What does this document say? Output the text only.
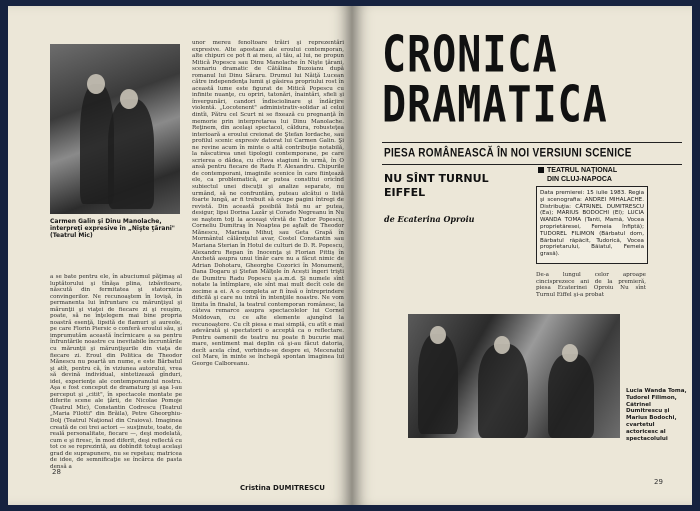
Carmen Galin şi Dinu Manolache, interpreţi expresive în „Nişte ţărani" (Teatrul Mic)
unor mereu fenoltoare trăiri şi reprezentări expresive. Alte apostaze ale eroului contemporan, alte chipuri ce pot fi ai meu, al tău, al lui, ne propun Mitică Popescu sau Dinu Manolache în Nişte ţărani, scenariu dramatic de Cătălina Buzoianu după romanul lui Dinu Săraru. Drumul lui Năiţă Lucean către independenţa lumii şi găsirea propriului rost în această lume este figurat de Mitică Popescu cu infinite nuanţe, cu opriri, tatonări, înaintări, sfieli şi învergunări, candori îndisciolinare şi îndârjire violentă. „Locotenent" administrativ-solidar al celui dintîi, Pătru cel Scurt ni se fixează cu pregnanţă în memorie prin interpretarea lui Dinu Manolache. Reţinem, din acelaşi spectacol, căldura, robusteţea interioară a eroului creionat de Ştefan Iordache, sau profilul scenic expresiv datorat lui Carmen Galin. Şi ne revine acum în minte o altă contribuţie notabilă, la născutirea unei tipologii contemporane, pe care scrierea o dădea, cu cîteva stagiuni în urmă, în O ansă pentru fiecare de Radu F. Alexandru. Chipurile de contemporani, imaginile scenice în care fiinţează ele, ca problematică, ar putea constitui oricînd subiectul unei discuţii şi analize separate, nu urmând, să ne confruntăm, puteau alcătui o listă foarte lungă, ar fi trebuit să ocupe pagini întregi de revistă. Din această posibilă listă nu ar putea, desigur, lipsi Dorina Lazăr şi Corado Negreanu în Nu se naştem toţi la aceeaşi vîrstă de Tudor Popescu, Corneliu Dumitraş în Noaptea pe aşfalt de Theodor Mănescu, Mariana Mihuţ sau Geta Grapă în Mormântul călăreţului avar, Costel Constantin sau Mariana Sterian în Hotul de culturi de D. R. Popescu, Alexandru Repan în Inocenţa şi Florian Pittiş în Anchetă asupra unui tînăr care nu a făcut nimic de Adrian Dohotaru, Gheorghe Cozorici în Monument, Dana Dogaru şi Ştefan Mălţele în Acești îngeri trişti de Dumitru Radu Popescu ş.a.m.d. Şi numele sînt notate la întîmplare, ele sînt mai mult decît cele de zecime a ei. A o completa ar fi însă o întreprindere dificilă şi care nu intră în intenţiile noastre. Ne vom limita în finalul, la teatrul contemporan românesc, la câteva remarce asupra spectacolelor lui Cornel Moldovan, cu ce alte elemente ajungînd la recunoaştere. Cu cît piesa e mai simplă, cu atît e mai adevărată şi spectatorii o acceptă ca o reflectare. Pentru oamenii de teatru nu poate fi bucurie mai mare, sentiment mai deplin că şi-au făcut datoria, decît acela cînd, vorbindu-se despre ei, Mecenatul cel Mare, în minte se închegă spontan imaginea lui George Calboreanu.
a se bate pentru ele, în abuciumul păţimaş al luptătorului şi tînăşa plina, izbăvitoare, născută din fermitatea şi statornicia convingerilor. Ne recunoaştem în Iovişă, în permanenta lui înfruntare cu mărunţişul şi mărunţii şi viaţei de fiecare zi şi reuşim, poate, să ne înţelegem mai bine propria noastră esenţă, lipsită de flamuri şi aureole, pe care Florin Piersic o conferă eroului său, şi imprumutăm această încîrnicare a sa pentru înfruntările noastre cu inevitabile încruntările cu mărunţii şi mărunţişurile din viaţa de fiecare zi. Eroul din Politica de Theodor Mănescu nu poartă un nume, e este Bărbatul şi atît, pentru că, în viziunea autorului, vrea să devină individual, sintetizează gînduri, idei, experienţe ale contemporanului nostru. Aşa e fost conceput de dramaturg şi aşa l-au perceput şi „citit", în spectacole montate pe diferite scene ale ţării, de Nicolae Pomoje (Teatrul Mic), Constantin Codrescu (Teatrul „Maria Filotti" din Brăila), Petre Gheorghiu-Dolj (Teatrul Naţional din Craiova). Imaginea creată de cei trei actori — susţinute, toate, de reală personalitate, fiecare —, deşi modelată, cum e şi firesc, în mod diferit, deşi reflectă cu tot ce se reprezintă, au dobîndit totuşi acelaşi grad de suprapunere, nu se repetau; matricea de idee, de semnificaţie se încărca de pasta densă a
Cristina DUMITRESCU
28
CRONICA
DRAMATICA
PIESA ROMÂNEASCĂ ÎN NOI VERSIUNI SCENICE
NU SÎNT TURNUL
EIFFEL
de Ecaterina Oproiu
TEATRUL NAŢIONAL
DIN CLUJ-NAPOCA
Data premierei: 15 iulie 1983. Regia şi scenografia: ANDREI MIHALACHE. Distribuţia: CĂTRINEL DUMITRESCU (Ea); MARIUS BODOCHI (El); LUCIA WANDA TOMA (Tanti, Mamă, Vocea proprietăresei, Femeia înfiptă); TUDOREL FILIMON (Bărbatul dom, Bărbatul răpăcit, Tudorică, Vocea proprietarului, Băiatul, Femeia grasă).
De-a lungul celor aproape cincisprezece ani de la premieră, piesa Ecaterinei Oproiu Nu sînt Turnul Eiffel şi-a probat
Lucia Wanda Toma, Tudorel Filimon, Cătrinel Dumitrescu şi Marius Bodochi, cvartetul actoricesc al spectacolului
29
